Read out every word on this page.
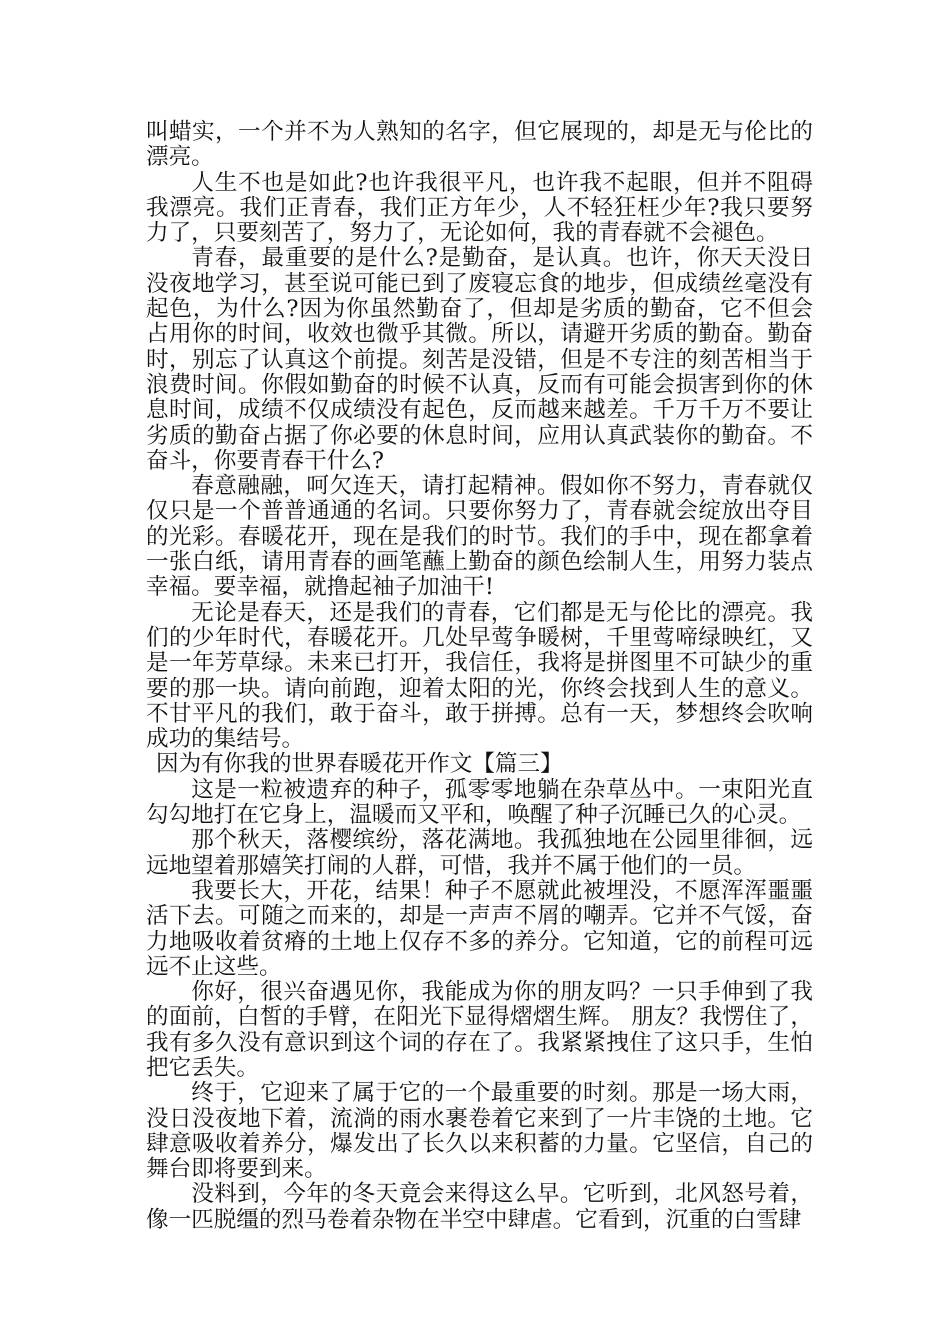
叫蜡实，一个并不为人熟知的名字，但它展现的，却是无与伦比的漂亮。

人生不也是如此?也许我很平凡，也许我不起眼，但并不阻碍我漂亮。我们正青春，我们正方年少，人不轻狂枉少年?我只要努力了，只要刻苦了，努力了，无论如何，我的青春就不会褪色。

青春，最重要的是什么?是勤奋，是认真。也许，你天天没日没夜地学习，甚至说可能已到了废寝忘食的地步，但成绩丝毫没有起色，为什么?因为你虽然勤奋了，但却是劣质的勤奋，它不但会占用你的时间，收效也微乎其微。所以，请避开劣质的勤奋。勤奋时，别忘了认真这个前提。刻苦是没错，但是不专注的刻苦相当于浪费时间。你假如勤奋的时候不认真，反而有可能会损害到你的休息时间，成绩不仅成绩没有起色，反而越来越差。千万千万不要让劣质的勤奋占据了你必要的休息时间，应用认真武装你的勤奋。不奋斗，你要青春干什么?

春意融融，呵欠连天，请打起精神。假如你不努力，青春就仅仅只是一个普普通通的名词。只要你努力了，青春就会绽放出夺目的光彩。春暖花开，现在是我们的时节。我们的手中，现在都拿着一张白纸，请用青春的画笔蘸上勤奋的颜色绘制人生，用努力装点幸福。要幸福，就撸起袖子加油干!

无论是春天，还是我们的青春，它们都是无与伦比的漂亮。我们的少年时代，春暖花开。几处早莺争暖树，千里莺啼绿映红，又是一年芳草绿。未来已打开，我信任，我将是拼图里不可缺少的重要的那一块。请向前跑，迎着太阳的光，你终会找到人生的意义。不甘平凡的我们，敢于奋斗，敢于拼搏。总有一天，梦想终会吹响成功的集结号。

因为有你我的世界春暖花开作文【篇三】

这是一粒被遗弃的种子，孤零零地躺在杂草丛中。一束阳光直勾勾地打在它身上，温暖而又平和，唤醒了种子沉睡已久的心灵。

那个秋天，落樱缤纷，落花满地。我孤独地在公园里徘徊，远远地望着那嬉笑打闹的人群，可惜，我并不属于他们的一员。

我要长大，开花，结果！种子不愿就此被埋没，不愿浑浑噩噩活下去。可随之而来的，却是一声声不屑的嘲弄。它并不气馁，奋力地吸收着贫瘠的土地上仅存不多的养分。它知道，它的前程可远远不止这些。

你好，很兴奋遇见你，我能成为你的朋友吗？一只手伸到了我的面前，白皙的手臂，在阳光下显得熠熠生辉。 朋友？我愣住了，我有多久没有意识到这个词的存在了。我紧紧拽住了这只手，生怕把它丢失。

终于，它迎来了属于它的一个最重要的时刻。那是一场大雨，没日没夜地下着，流淌的雨水裹卷着它来到了一片丰饶的土地。它肆意吸收着养分，爆发出了长久以来积蓄的力量。它坚信，自己的舞台即将要到来。

没料到，今年的冬天竟会来得这么早。它听到，北风怒号着，像一匹脱缰的烈马卷着杂物在半空中肆虐。它看到，沉重的白雪肆
